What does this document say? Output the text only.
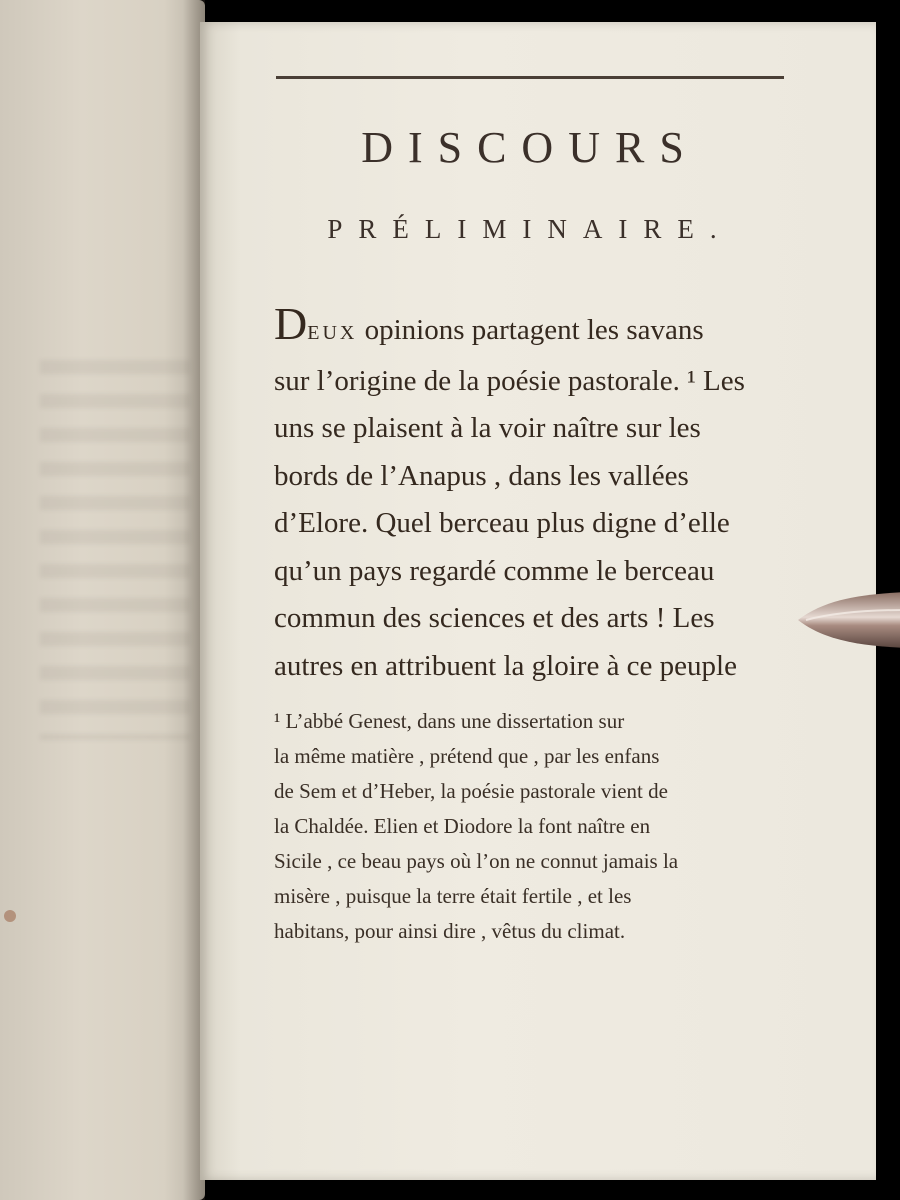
DISCOURS
PRÉLIMINAIRE.
DEUX opinions partagent les savans
sur l’origine de la poésie pastorale. ¹ Les
uns se plaisent à la voir naître sur les
bords de l’Anapus , dans les vallées
d’Elore. Quel berceau plus digne d’elle
qu’un pays regardé comme le berceau
commun des sciences et des arts ! Les
autres en attribuent la gloire à ce peuple
¹ L’abbé Genest, dans une dissertation sur
la même matière , prétend que , par les enfans
de Sem et d’Heber, la poésie pastorale vient de
la Chaldée. Elien et Diodore la font naître en
Sicile , ce beau pays où l’on ne connut jamais la
misère , puisque la terre était fertile , et les
habitans, pour ainsi dire , vêtus du climat.
